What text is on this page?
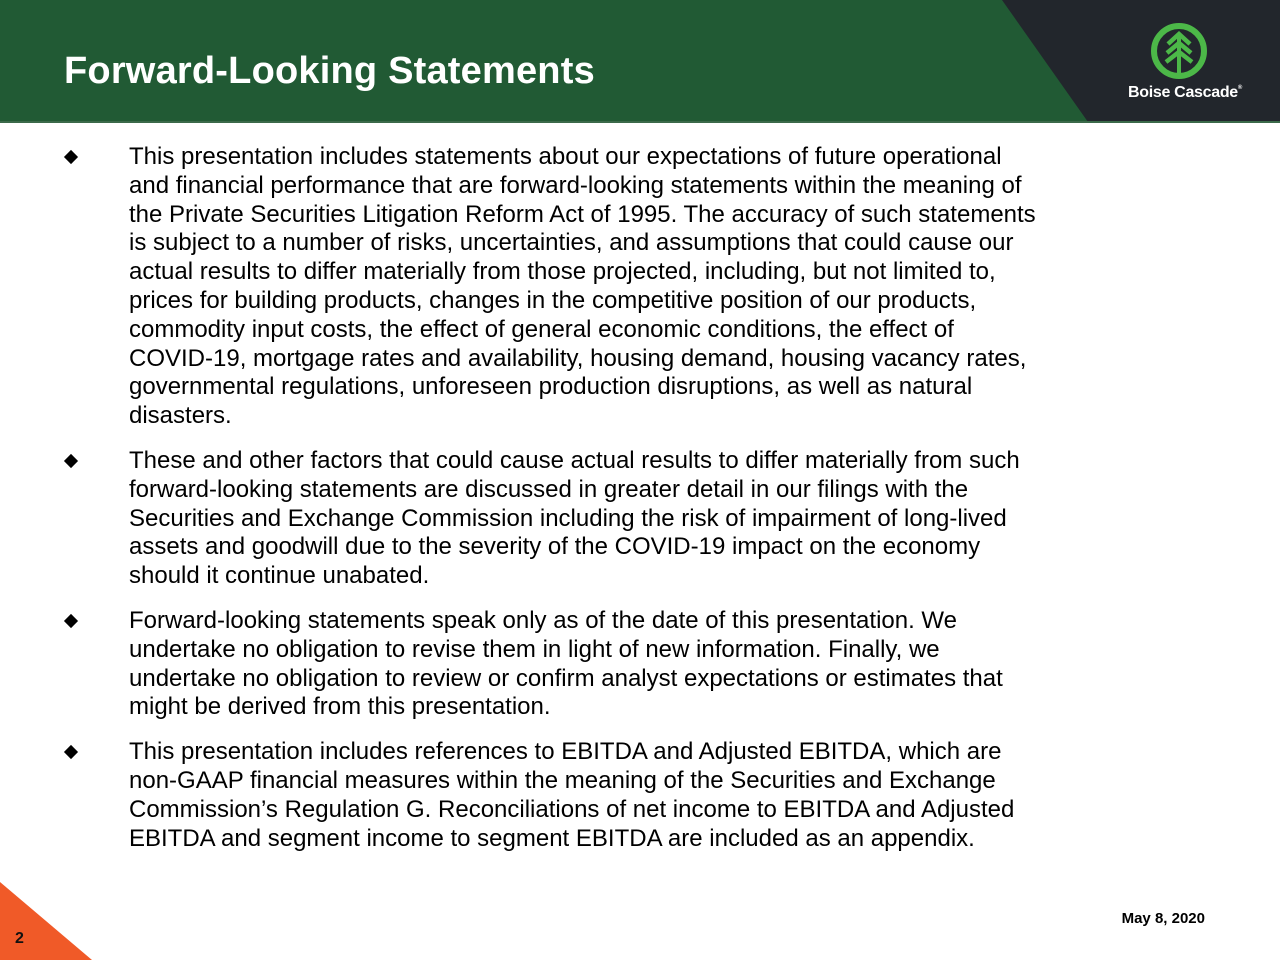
Forward-Looking Statements
Boise Cascade®
This presentation includes statements about our expectations of future operational
and financial performance that are forward-looking statements within the meaning of
the Private Securities Litigation Reform Act of 1995. The accuracy of such statements
is subject to a number of risks, uncertainties, and assumptions that could cause our
actual results to differ materially from those projected, including, but not limited to,
prices for building products, changes in the competitive position of our products,
commodity input costs, the effect of general economic conditions, the effect of
COVID-19, mortgage rates and availability, housing demand, housing vacancy rates,
governmental regulations, unforeseen production disruptions, as well as natural
disasters.
These and other factors that could cause actual results to differ materially from such
forward-looking statements are discussed in greater detail in our filings with the
Securities and Exchange Commission including the risk of impairment of long-lived
assets and goodwill due to the severity of the COVID-19 impact on the economy
should it continue unabated.
Forward-looking statements speak only as of the date of this presentation. We
undertake no obligation to revise them in light of new information. Finally, we
undertake no obligation to review or confirm analyst expectations or estimates that
might be derived from this presentation.
This presentation includes references to EBITDA and Adjusted EBITDA, which are
non-GAAP financial measures within the meaning of the Securities and Exchange
Commission’s Regulation G. Reconciliations of net income to EBITDA and Adjusted
EBITDA and segment income to segment EBITDA are included as an appendix.
2
May 8, 2020
